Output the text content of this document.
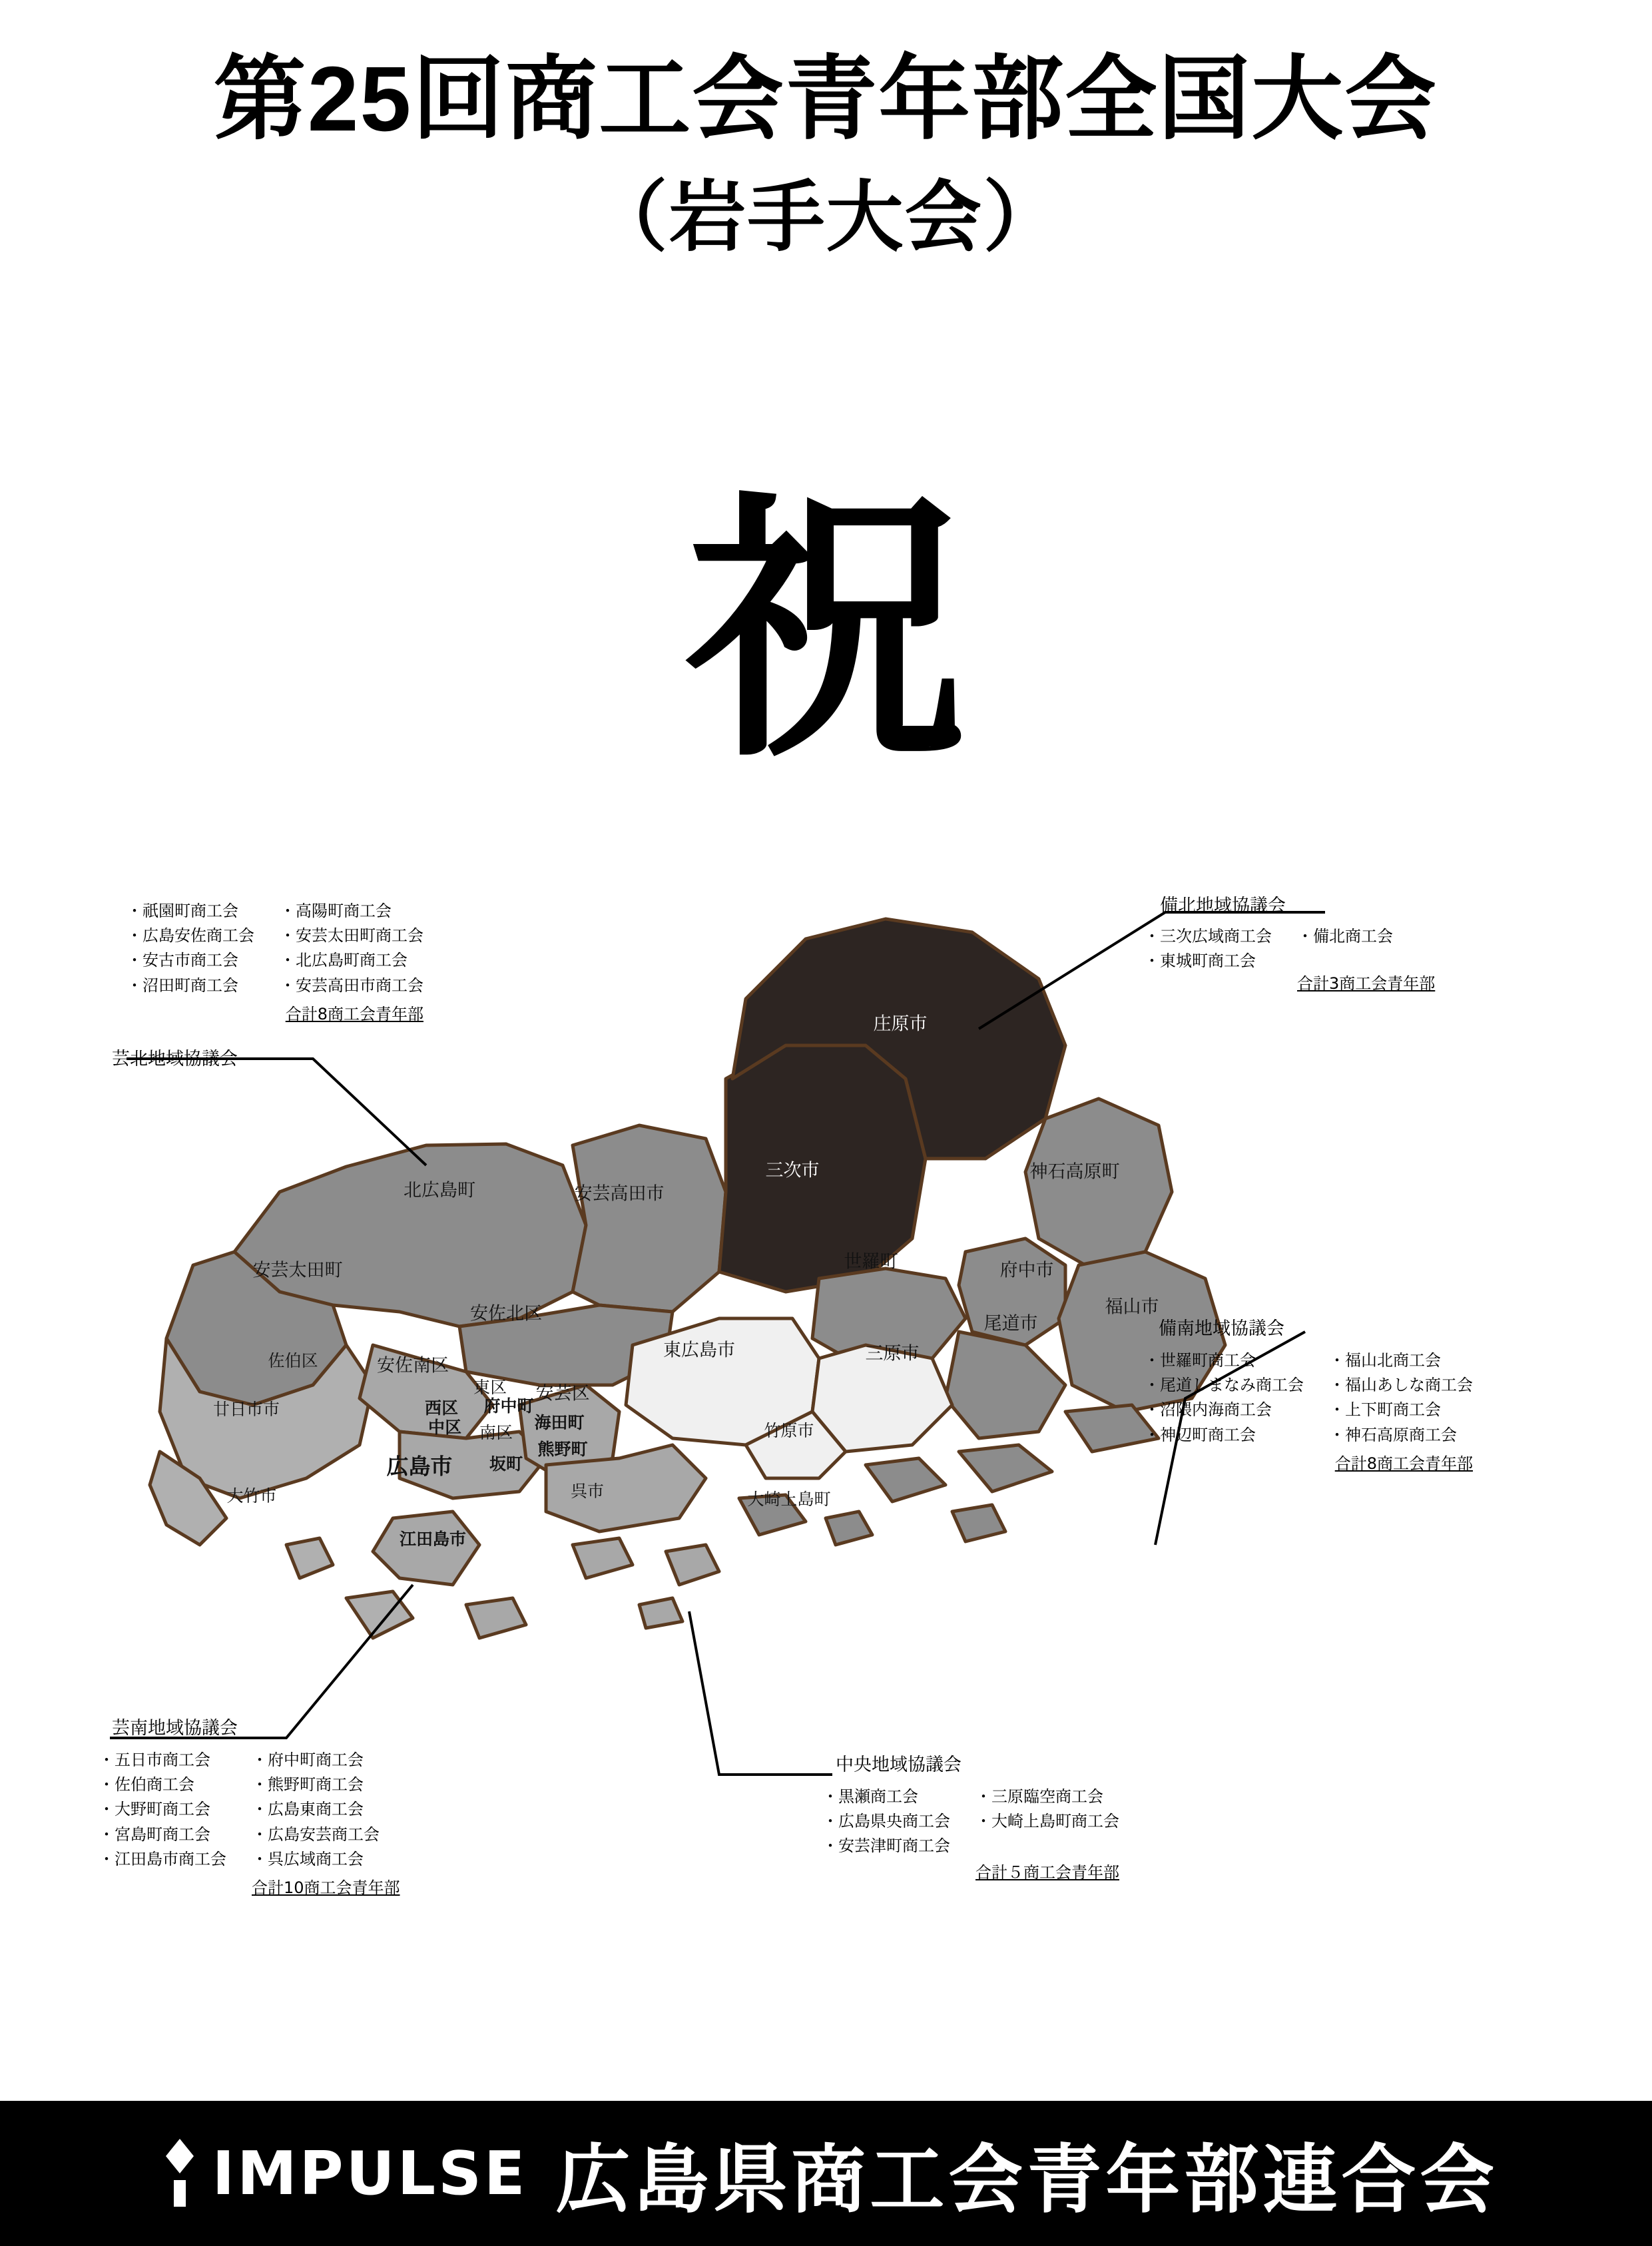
第25回商工会青年部全国大会
（岩手大会）
祝
庄原市
三次市	神石高原町
北広島町	安芸高田市
世羅町	府中市
安芸太田町
福山市
安佐北区	尾道市
東広島市	三原市
佐伯区	安佐南区
東区 安芸区
西区 府中町
廿日市市
中区 南区
海田町	竹原市
熊野町
広島市 坂町
大竹市	呉市	大崎上島町
江田島市
・祇園町商工会
・広島安佐商工会
・安古市商工会
・沼田町商工会
・高陽町商工会
・安芸太田町商工会
・北広島町商工会
・安芸高田市商工会
合計8商工会青年部
芸北地域協議会
備北地域協議会
・三次広域商工会
・東城町商工会
・備北商工会
合計3商工会青年部
備南地域協議会
・世羅町商工会
・尾道しまなみ商工会
・沼隈内海商工会
・神辺町商工会
・福山北商工会
・福山あしな商工会
・上下町商工会
・神石高原商工会
合計8商工会青年部
芸南地域協議会
・五日市商工会
・佐伯商工会
・大野町商工会
・宮島町商工会
・江田島市商工会
・府中町商工会
・熊野町商工会
・広島東商工会
・広島安芸商工会
・呉広域商工会
合計10商工会青年部
中央地域協議会
・黒瀬商工会
・広島県央商工会
・安芸津町商工会
・三原臨空商工会
・大崎上島町商工会
合計５商工会青年部
IMPULSE 広島県商工会青年部連合会
